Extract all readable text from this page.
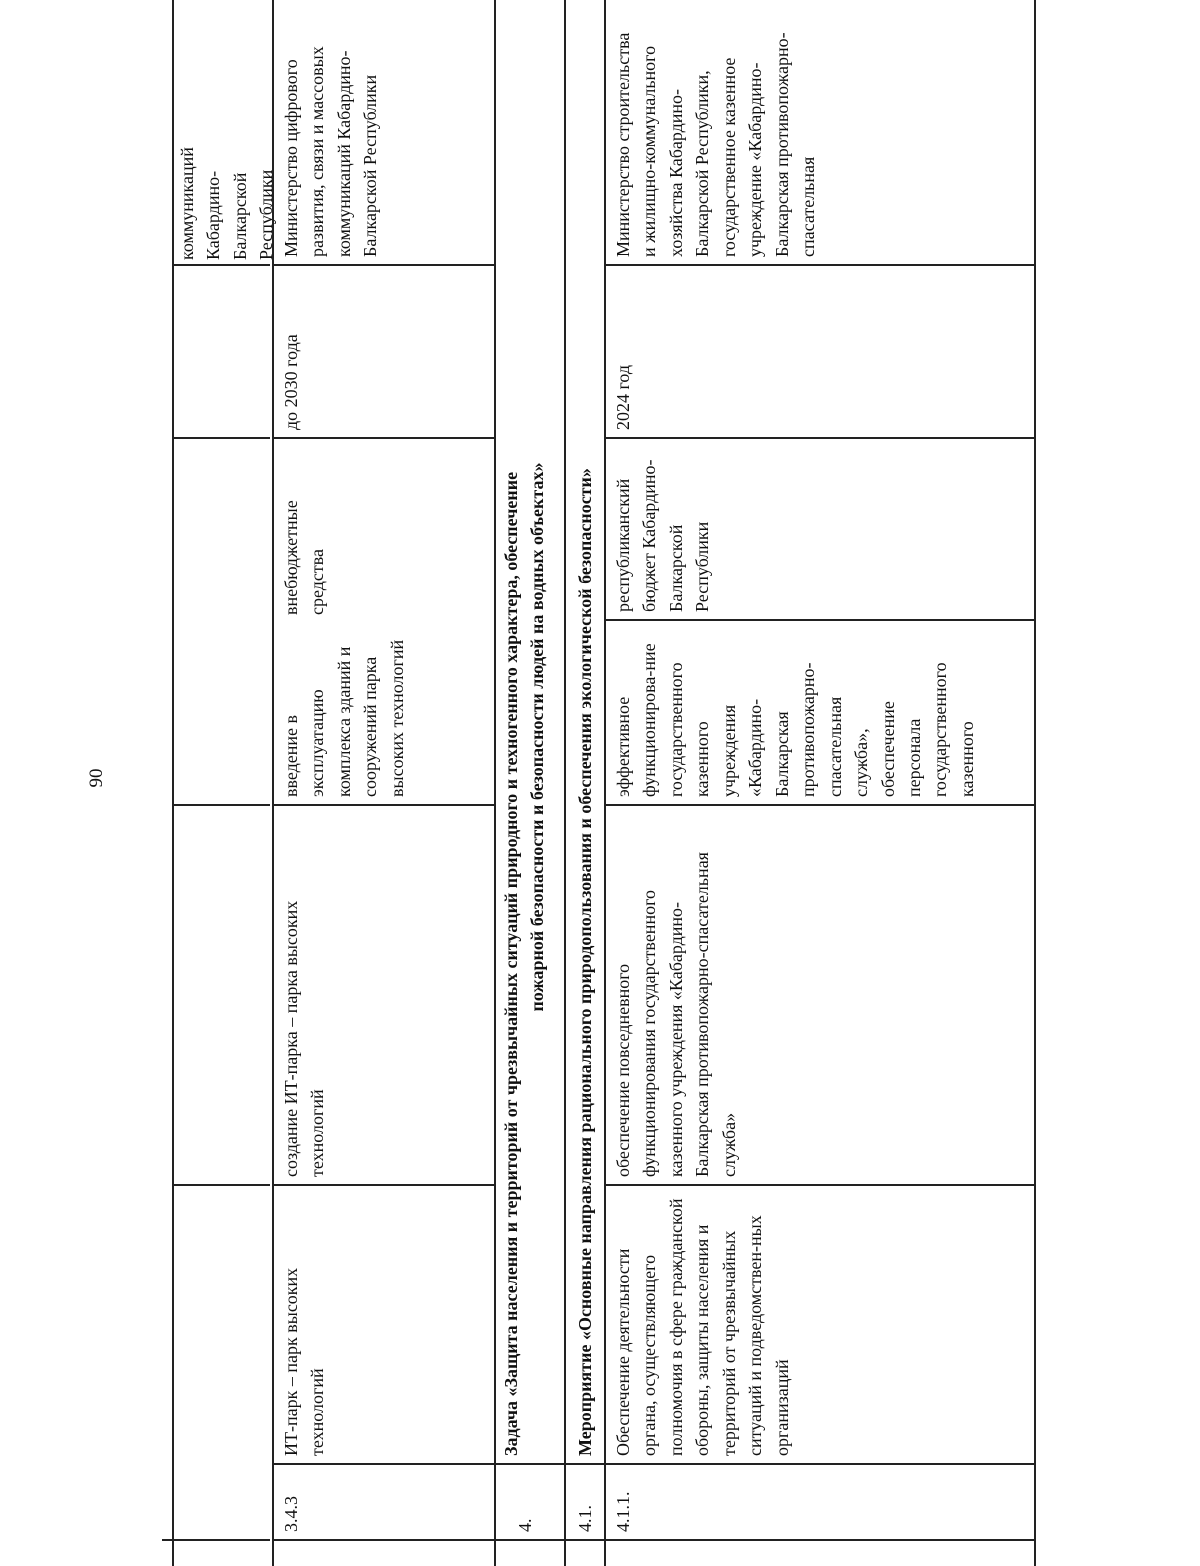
90
коммуникаций Кабардино- Балкарской Республики
3.4.3
ИТ-парк – парк высоких технологий
создание ИТ-парка – парка высоких технологий
введение в эксплуатацию комплекса зданий и сооружений парка высоких технологий
внебюджетные средства
до 2030 года
Министерство цифрового развития, связи и массовых коммуникаций Кабардино-Балкарской Республики
4.
Задача «Защита населения и территорий от чрезвычайных ситуаций природного и техногенного характера, обеспечение пожарной безопасности и безопасности людей на водных объектах»
4.1.
Мероприятие «Основные направления рационального природопользования и обеспечения экологической безопасности»
4.1.1.
Обеспечение деятельности органа, осуществляющего полномочия в сфере гражданской обороны, защиты населения и территорий от чрезвычайных ситуаций и подведомствен-ных организаций
обеспечение повседневного функционирования государственного казенного учреждения «Кабардино-Балкарская противопожарно-спасательная служба»
эффективное функционирова-ние государственного казенного учреждения «Кабардино-Балкарская противопожарно-спасательная служба», обеспечение персонала государственного казенного
республиканский бюджет Кабардино-Балкарской Республики
2024 год
Министерство строительства и жилищно-коммунального хозяйства Кабардино-Балкарской Республики, государственное казенное учреждение «Кабардино-Балкарская противопожарно-спасательная
